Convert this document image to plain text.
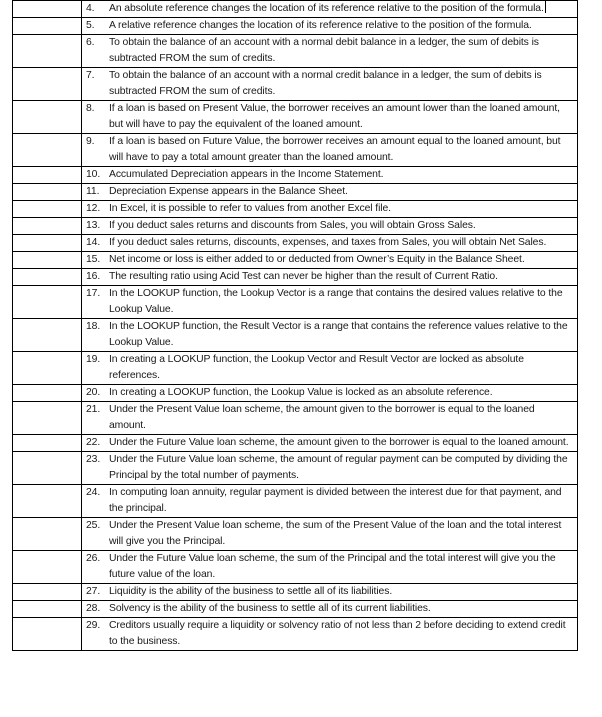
	4. An absolute reference changes the location of its reference relative to the position of the formula.

	5. A relative reference changes the location of its reference relative to the position of the formula.

	6. To obtain the balance of an account with a normal debit balance in a ledger, the sum of debits is subtracted FROM the sum of credits.

	7. To obtain the balance of an account with a normal credit balance in a ledger, the sum of debits is subtracted FROM the sum of credits.

	8. If a loan is based on Present Value, the borrower receives an amount lower than the loaned amount, but will have to pay the equivalent of the loaned amount.

	9. If a loan is based on Future Value, the borrower receives an amount equal to the loaned amount, but will have to pay a total amount greater than the loaned amount.

	10. Accumulated Depreciation appears in the Income Statement.

	11. Depreciation Expense appears in the Balance Sheet.

	12. In Excel, it is possible to refer to values from another Excel file.

	13. If you deduct sales returns and discounts from Sales, you will obtain Gross Sales.

	14. If you deduct sales returns, discounts, expenses, and taxes from Sales, you will obtain Net Sales.

	15. Net income or loss is either added to or deducted from Owner’s Equity in the Balance Sheet.

	16. The resulting ratio using Acid Test can never be higher than the result of Current Ratio.

	17. In the LOOKUP function, the Lookup Vector is a range that contains the desired values relative to the Lookup Value.

	18. In the LOOKUP function, the Result Vector is a range that contains the reference values relative to the Lookup Value.

	19. In creating a LOOKUP function, the Lookup Vector and Result Vector are locked as absolute references.

	20. In creating a LOOKUP function, the Lookup Value is locked as an absolute reference.

	21. Under the Present Value loan scheme, the amount given to the borrower is equal to the loaned amount.

	22. Under the Future Value loan scheme, the amount given to the borrower is equal to the loaned amount.

	23. Under the Future Value loan scheme, the amount of regular payment can be computed by dividing the Principal by the total number of payments.

	24. In computing loan annuity, regular payment is divided between the interest due for that payment, and the principal.

	25. Under the Present Value loan scheme, the sum of the Present Value of the loan and the total interest will give you the Principal.

	26. Under the Future Value loan scheme, the sum of the Principal and the total interest will give you the future value of the loan.

	27. Liquidity is the ability of the business to settle all of its liabilities.

	28. Solvency is the ability of the business to settle all of its current liabilities.

	29. Creditors usually require a liquidity or solvency ratio of not less than 2 before deciding to extend credit to the business.
